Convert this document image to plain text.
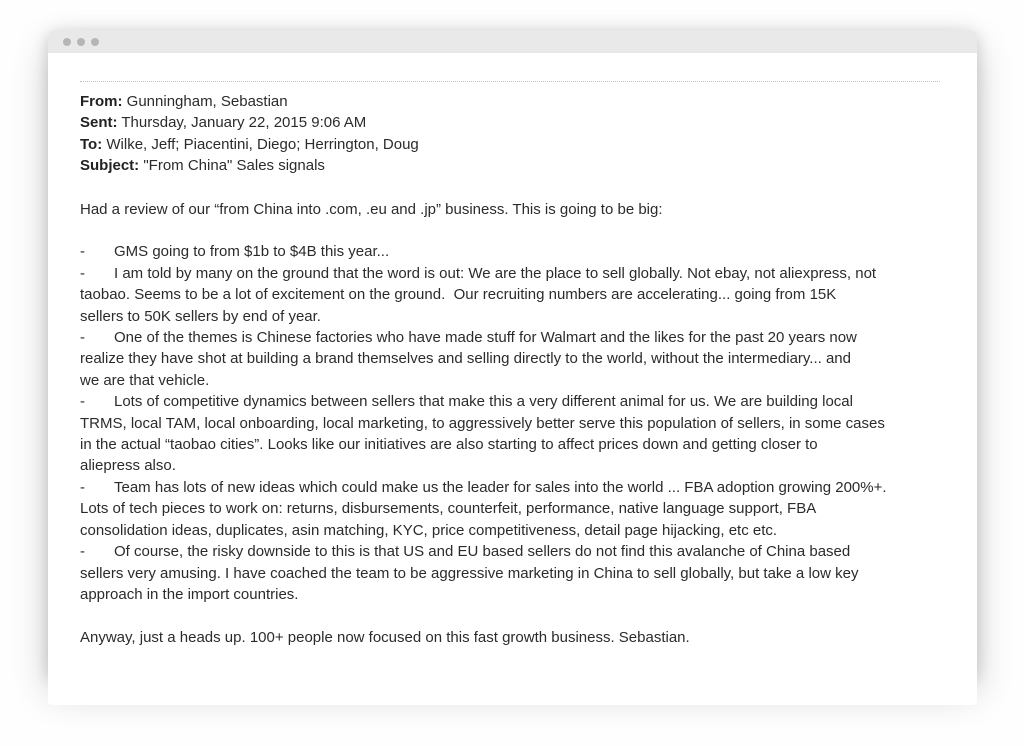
From: Gunningham, Sebastian
Sent: Thursday, January 22, 2015 9:06 AM
To: Wilke, Jeff; Piacentini, Diego; Herrington, Doug
Subject: "From China" Sales signals
Had a review of our “from China into .com, .eu and .jp” business. This is going to be big:

- GMS going to from $1b to $4B this year...
- I am told by many on the ground that the word is out: We are the place to sell globally. Not ebay, not aliexpress, not
taobao. Seems to be a lot of excitement on the ground.  Our recruiting numbers are accelerating... going from 15K
sellers to 50K sellers by end of year.
- One of the themes is Chinese factories who have made stuff for Walmart and the likes for the past 20 years now
realize they have shot at building a brand themselves and selling directly to the world, without the intermediary... and
we are that vehicle.
- Lots of competitive dynamics between sellers that make this a very different animal for us. We are building local
TRMS, local TAM, local onboarding, local marketing, to aggressively better serve this population of sellers, in some cases
in the actual “taobao cities”. Looks like our initiatives are also starting to affect prices down and getting closer to
aliepress also.
- Team has lots of new ideas which could make us the leader for sales into the world ... FBA adoption growing 200%+.
Lots of tech pieces to work on: returns, disbursements, counterfeit, performance, native language support, FBA
consolidation ideas, duplicates, asin matching, KYC, price competitiveness, detail page hijacking, etc etc.
- Of course, the risky downside to this is that US and EU based sellers do not find this avalanche of China based
sellers very amusing. I have coached the team to be aggressive marketing in China to sell globally, but take a low key
approach in the import countries.

Anyway, just a heads up. 100+ people now focused on this fast growth business. Sebastian.
